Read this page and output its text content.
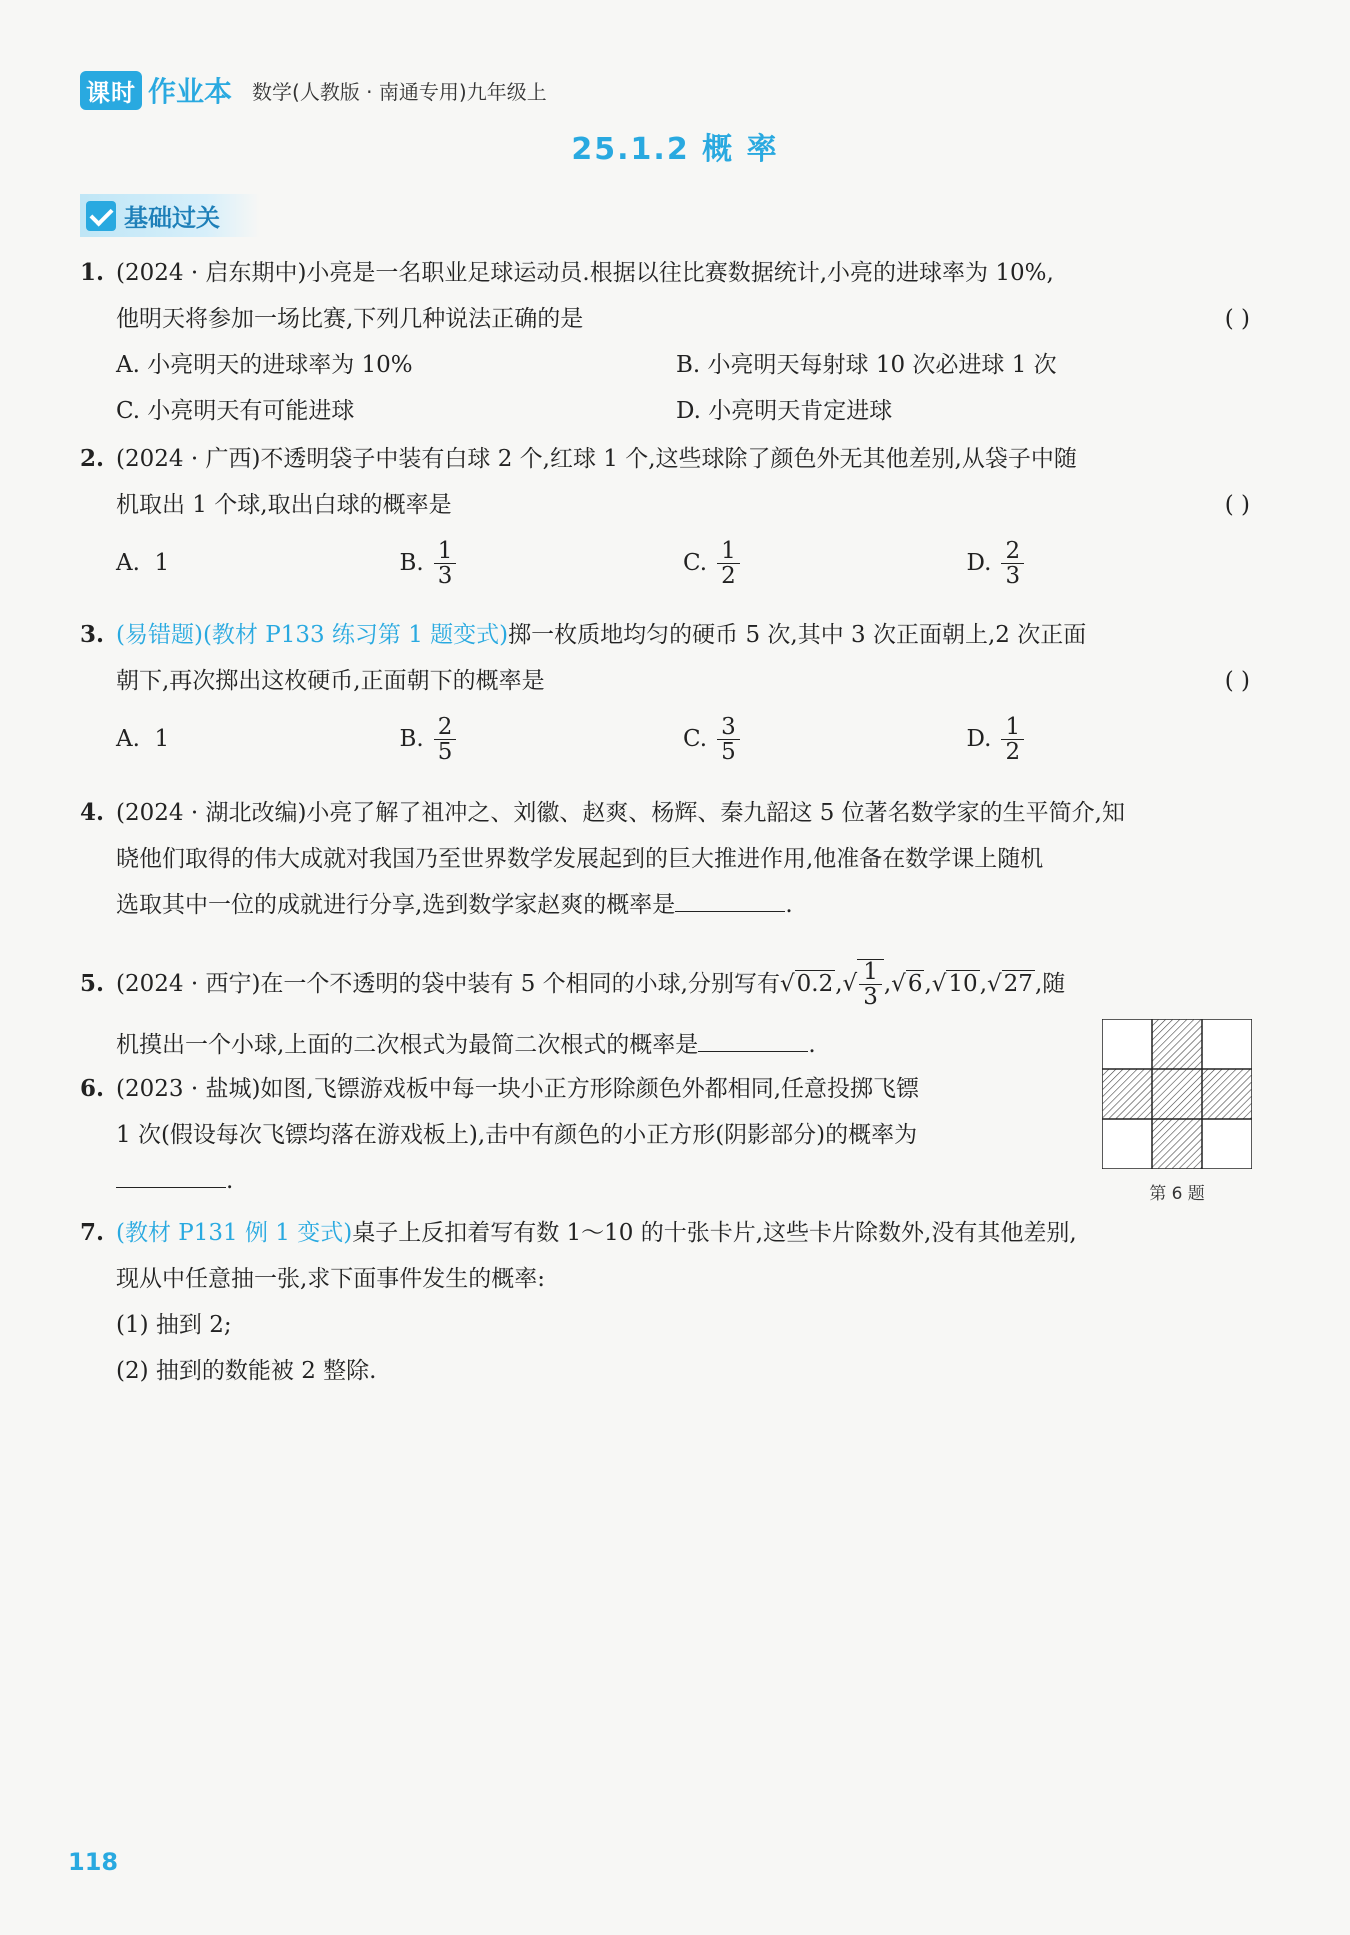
课时 作业本 数学(人教版 · 南通专用)九年级上
25.1.2 概 率
基础过关
1. (2024 · 启东期中)小亮是一名职业足球运动员.根据以往比赛数据统计,小亮的进球率为 10%,
他明天将参加一场比赛,下列几种说法正确的是	( )
A. 小亮明天的进球率为 10%	B. 小亮明天每射球 10 次必进球 1 次
C. 小亮明天有可能进球	D. 小亮明天肯定进球
2. (2024 · 广西)不透明袋子中装有白球 2 个,红球 1 个,这些球除了颜色外无其他差别,从袋子中随
机取出 1 个球,取出白球的概率是	( )
A.
1	B. $\frac{1}{3}$	C. $\frac{1}{2}$	D. $\frac{2}{3}$
3. (易错题)(教材 P133 练习第 1 题变式)掷一枚质地均匀的硬币 5 次,其中 3 次正面朝上,2 次正面
朝下,再次掷出这枚硬币,正面朝下的概率是	( )
A.
1	B. $\frac{2}{5}$	C. $\frac{3}{5}$	D. $\frac{1}{2}$
4. (2024 · 湖北改编)小亮了解了祖冲之、刘徽、赵爽、杨辉、秦九韶这 5 位著名数学家的生平简介,知
晓他们取得的伟大成就对我国乃至世界数学发展起到的巨大推进作用,他准备在数学课上随机
选取其中一位的成就进行分享,选到数学家赵爽的概率是	.
5. (2024 · 西宁) 在一个不透明的袋中装有 5 个相同的小球,分别写有 √0.2 , √ $\frac{1}{3}$ , √6 , √10 , √27 ,随
机摸出一个小球,上面的二次根式为最简二次根式的概率是	.
6. (2023 · 盐城)如图,飞镖游戏板中每一块小正方形除颜色外都相同,任意投掷飞镖
1 次(假设每次飞镖均落在游戏板上),击中有颜色的小正方形(阴影部分)的概率为
.	第 6 题
7. (教材 P131 例 1 变式)桌子上反扣着写有数 1～10 的十张卡片,这些卡片除数外,没有其他差别,
现从中任意抽一张,求下面事件发生的概率:
(1) 抽到 2;
(2) 抽到的数能被 2 整除.
118
